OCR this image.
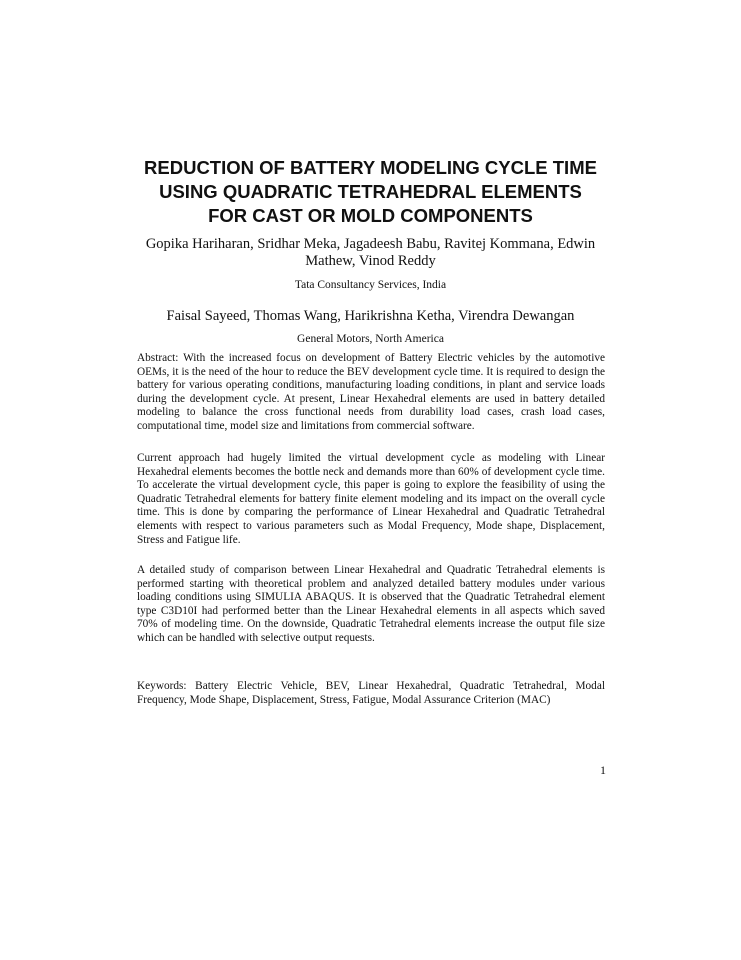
REDUCTION OF BATTERY MODELING CYCLE TIME
USING QUADRATIC TETRAHEDRAL ELEMENTS
FOR CAST OR MOLD COMPONENTS
Gopika Hariharan, Sridhar Meka, Jagadeesh Babu, Ravitej Kommana, Edwin Mathew, Vinod Reddy
Tata Consultancy Services, India
Faisal Sayeed, Thomas Wang, Harikrishna Ketha, Virendra Dewangan
General Motors, North America
Abstract: With the increased focus on development of Battery Electric vehicles by the automotive OEMs, it is the need of the hour to reduce the BEV development cycle time. It is required to design the battery for various operating conditions, manufacturing loading conditions, in plant and service loads during the development cycle. At present, Linear Hexahedral elements are used in battery detailed modeling to balance the cross functional needs from durability load cases, crash load cases, computational time, model size and limitations from commercial software.
Current approach had hugely limited the virtual development cycle as modeling with Linear Hexahedral elements becomes the bottle neck and demands more than 60% of development cycle time. To accelerate the virtual development cycle, this paper is going to explore the feasibility of using the Quadratic Tetrahedral elements for battery finite element modeling and its impact on the overall cycle time. This is done by comparing the performance of Linear Hexahedral and Quadratic Tetrahedral elements with respect to various parameters such as Modal Frequency, Mode shape, Displacement, Stress and Fatigue life.
A detailed study of comparison between Linear Hexahedral and Quadratic Tetrahedral elements is performed starting with theoretical problem and analyzed detailed battery modules under various loading conditions using SIMULIA ABAQUS. It is observed that the Quadratic Tetrahedral element type C3D10I had performed better than the Linear Hexahedral elements in all aspects which saved 70% of modeling time. On the downside, Quadratic Tetrahedral elements increase the output file size which can be handled with selective output requests.
Keywords: Battery Electric Vehicle, BEV, Linear Hexahedral, Quadratic Tetrahedral, Modal Frequency, Mode Shape, Displacement, Stress, Fatigue, Modal Assurance Criterion (MAC)
1
